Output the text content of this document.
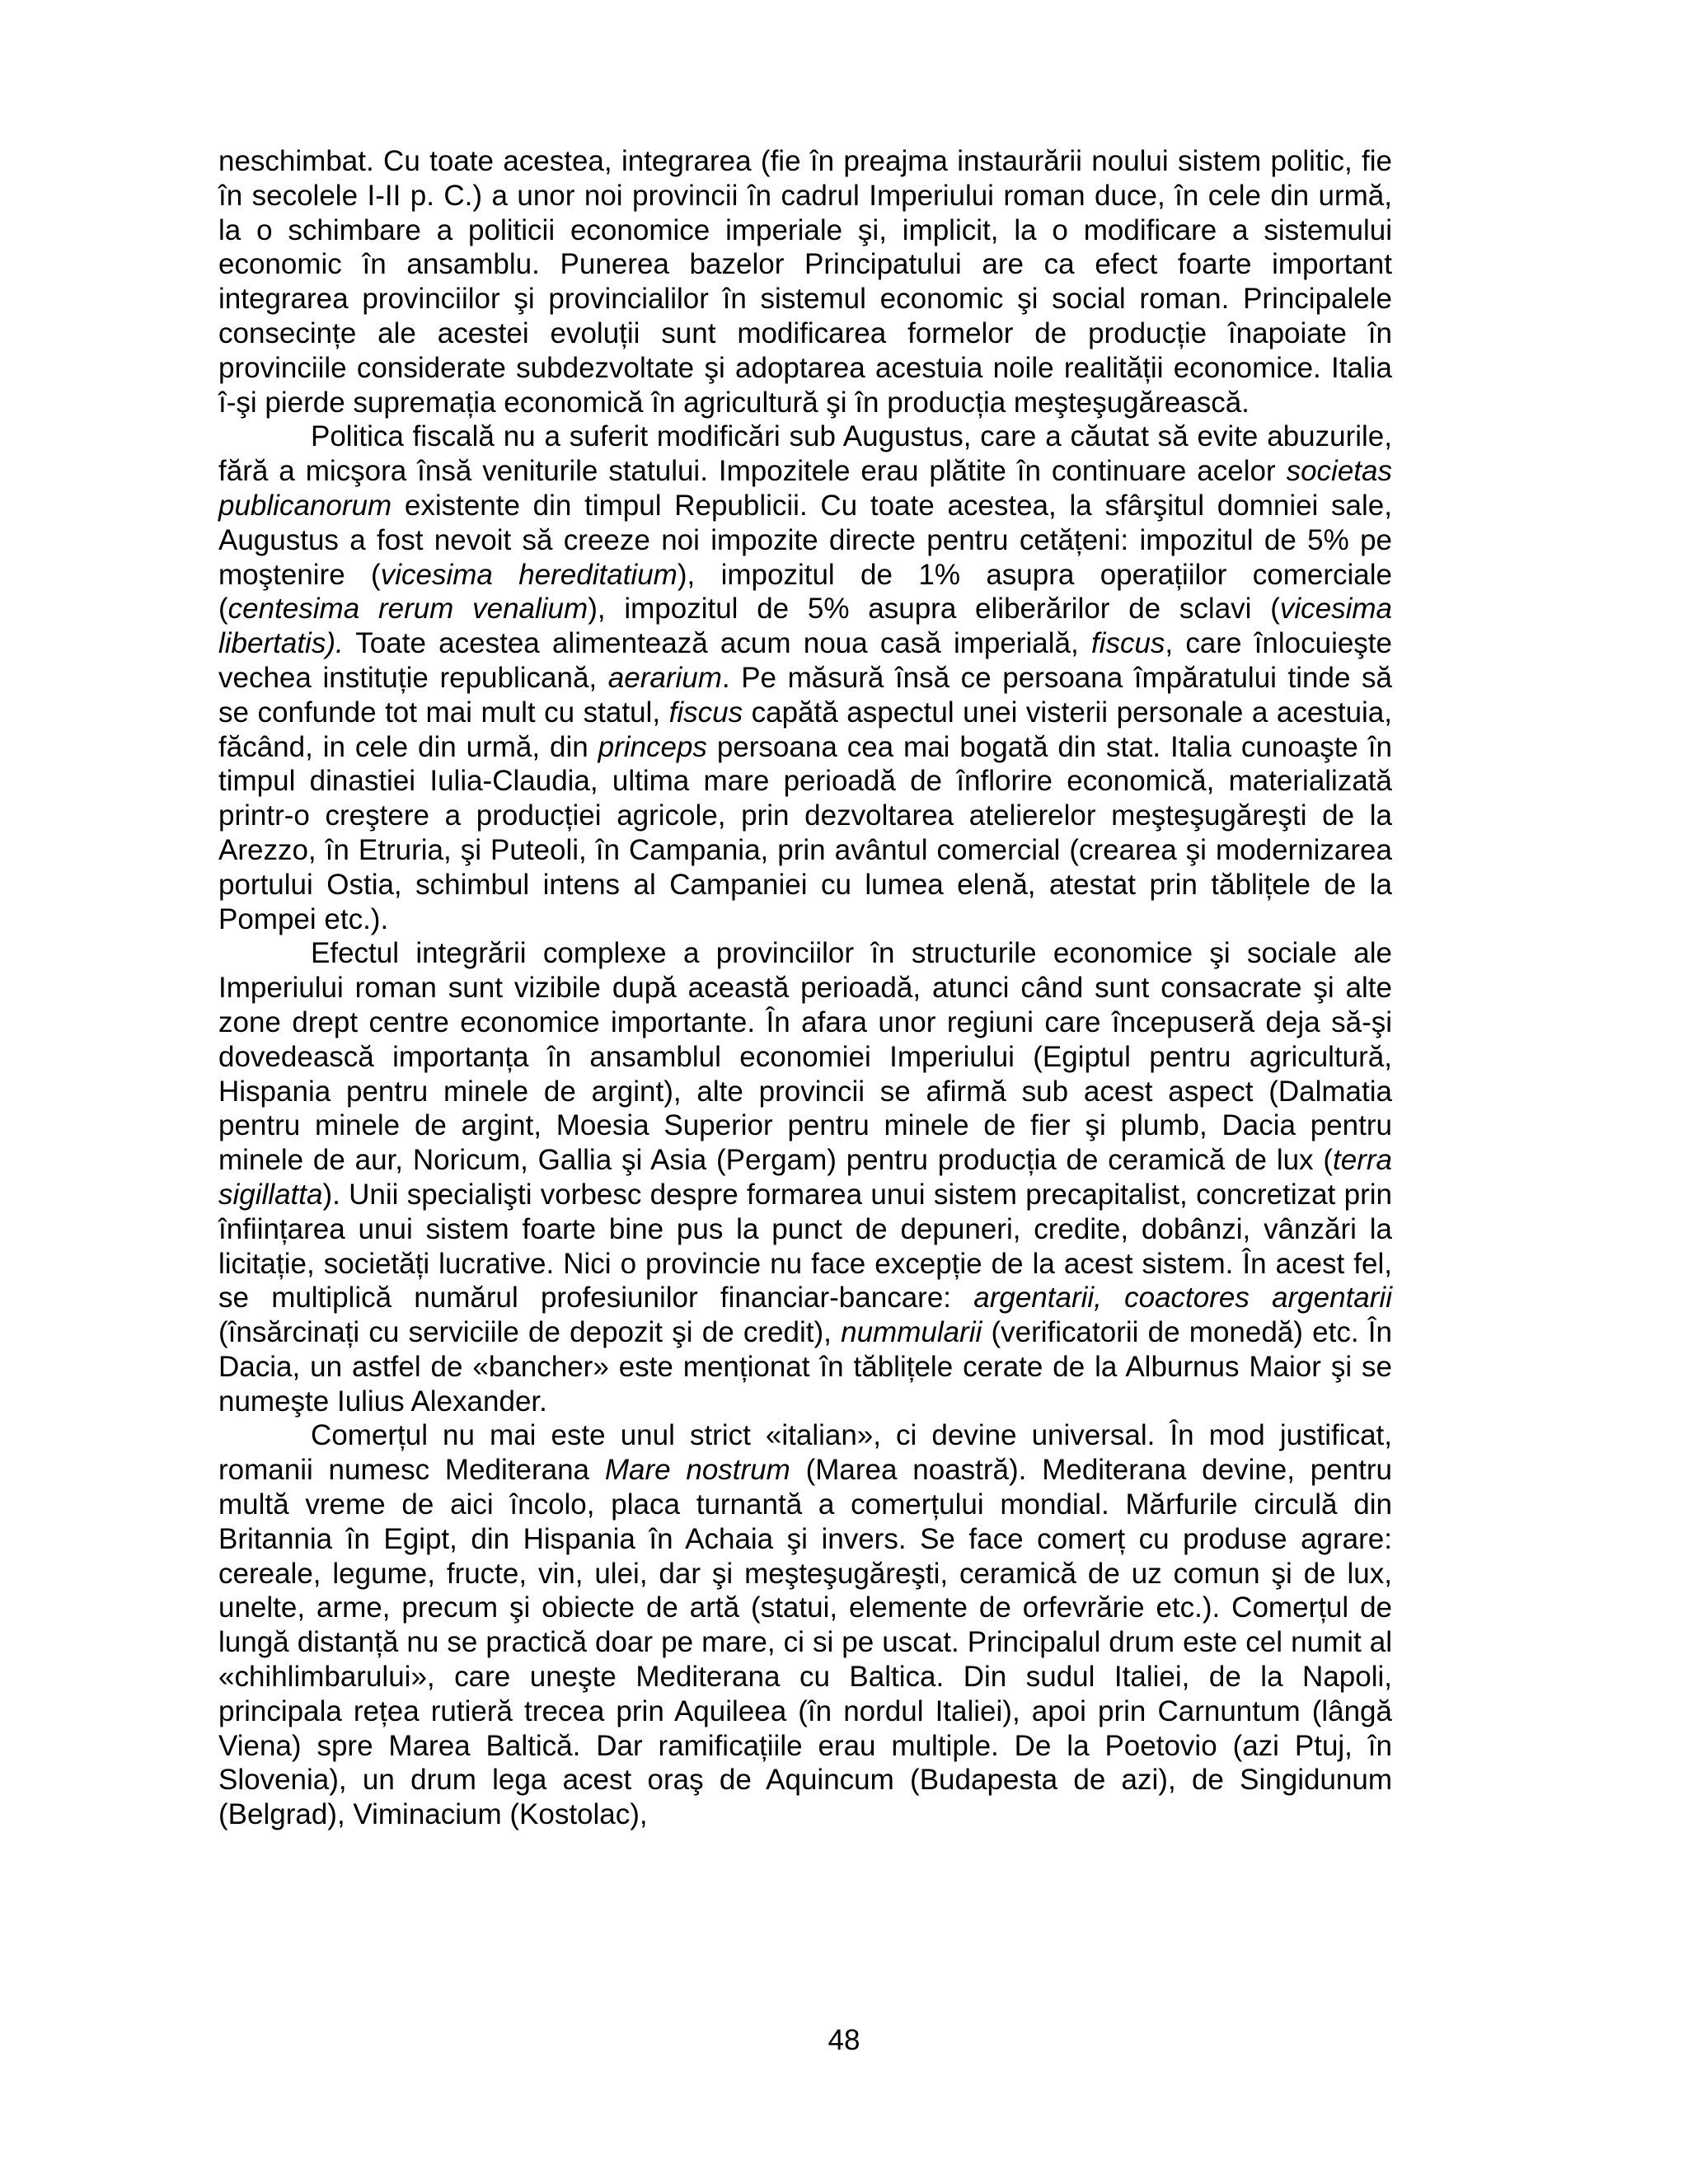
neschimbat. Cu toate acestea, integrarea (fie în preajma instaurării noului sistem politic, fie în secolele I-II p. C.) a unor noi provincii în cadrul Imperiului roman duce, în cele din urmă, la o schimbare a politicii economice imperiale şi, implicit, la o modificare a sistemului economic în ansamblu. Punerea bazelor Principatului are ca efect foarte important integrarea provinciilor şi provincialilor în sistemul economic şi social roman. Principalele consecințe ale acestei evoluții sunt modificarea formelor de producție înapoiate în provinciile considerate subdezvoltate şi adoptarea acestuia noile realității economice. Italia î-şi pierde supremația economică în agricultură şi în producția meşteşugărească.

Politica fiscală nu a suferit modificări sub Augustus, care a căutat să evite abuzurile, fără a micşora însă veniturile statului. Impozitele erau plătite în continuare acelor societas publicanorum existente din timpul Republicii. Cu toate acestea, la sfârşitul domniei sale, Augustus a fost nevoit să creeze noi impozite directe pentru cetățeni: impozitul de 5% pe moştenire (vicesima hereditatium), impozitul de 1% asupra operațiilor comerciale (centesima rerum venalium), impozitul de 5% asupra eliberărilor de sclavi (vicesima libertatis). Toate acestea alimentează acum noua casă imperială, fiscus, care înlocuieşte vechea instituție republicană, aerarium. Pe măsură însă ce persoana împăratului tinde să se confunde tot mai mult cu statul, fiscus capătă aspectul unei visterii personale a acestuia, făcând, in cele din urmă, din princeps persoana cea mai bogată din stat. Italia cunoaşte în timpul dinastiei Iulia-Claudia, ultima mare perioadă de înflorire economică, materializată printr-o creştere a producției agricole, prin dezvoltarea atelierelor meşteşugăreşti de la Arezzo, în Etruria, şi Puteoli, în Campania, prin avântul comercial (crearea şi modernizarea portului Ostia, schimbul intens al Campaniei cu lumea elenă, atestat prin tăblițele de la Pompei etc.).

Efectul integrării complexe a provinciilor în structurile economice şi sociale ale Imperiului roman sunt vizibile după această perioadă, atunci când sunt consacrate şi alte zone drept centre economice importante. În afara unor regiuni care începuseră deja să-şi dovedească importanța în ansamblul economiei Imperiului (Egiptul pentru agricultură, Hispania pentru minele de argint), alte provincii se afirmă sub acest aspect (Dalmatia pentru minele de argint, Moesia Superior pentru minele de fier şi plumb, Dacia pentru minele de aur, Noricum, Gallia şi Asia (Pergam) pentru producția de ceramică de lux (terra sigillatta). Unii specialişti vorbesc despre formarea unui sistem precapitalist, concretizat prin înființarea unui sistem foarte bine pus la punct de depuneri, credite, dobânzi, vânzări la licitație, societăți lucrative. Nici o provincie nu face excepție de la acest sistem. În acest fel, se multiplică numărul profesiunilor financiar-bancare: argentarii, coactores argentarii (însărcinați cu serviciile de depozit şi de credit), nummularii (verificatorii de monedă) etc. În Dacia, un astfel de «bancher» este menționat în tăblițele cerate de la Alburnus Maior şi se numeşte Iulius Alexander.

Comerțul nu mai este unul strict «italian», ci devine universal. În mod justificat, romanii numesc Mediterana Mare nostrum (Marea noastră). Mediterana devine, pentru multă vreme de aici încolo, placa turnantă a comerțului mondial. Mărfurile circulă din Britannia în Egipt, din Hispania în Achaia şi invers. Se face comerț cu produse agrare: cereale, legume, fructe, vin, ulei, dar şi meşteşugăreşti, ceramică de uz comun şi de lux, unelte, arme, precum şi obiecte de artă (statui, elemente de orfevrărie etc.). Comerțul de lungă distanță nu se practică doar pe mare, ci si pe uscat. Principalul drum este cel numit al «chihlimbarului», care uneşte Mediterana cu Baltica. Din sudul Italiei, de la Napoli, principala rețea rutieră trecea prin Aquileea (în nordul Italiei), apoi prin Carnuntum (lângă Viena) spre Marea Baltică. Dar ramificațiile erau multiple. De la Poetovio (azi Ptuj, în Slovenia), un drum lega acest oraş de Aquincum (Budapesta de azi), de Singidunum (Belgrad), Viminacium (Kostolac),

48
